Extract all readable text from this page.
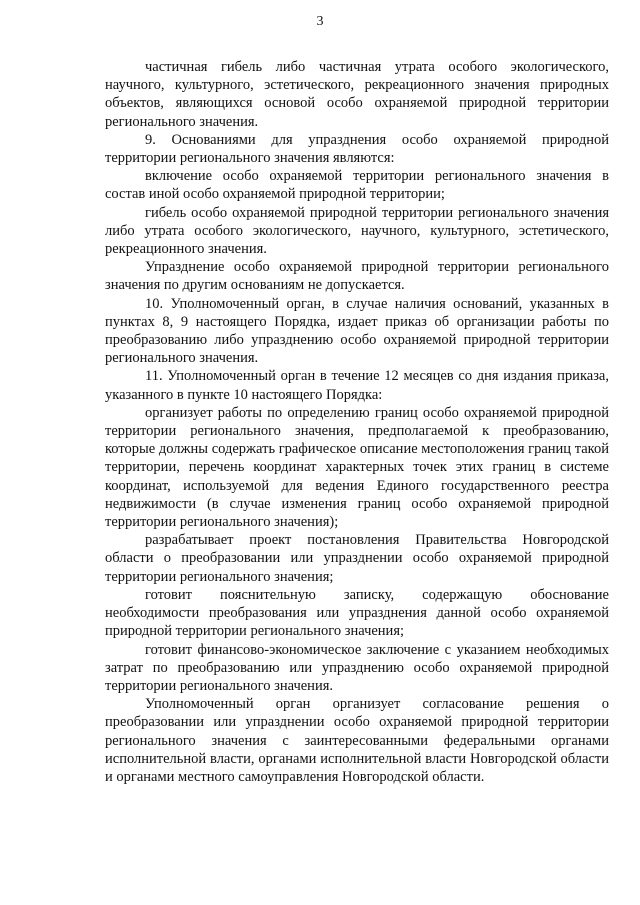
3

частичная гибель либо частичная утрата особого экологического, научного, культурного, эстетического, рекреационного значения природных объектов, являющихся основой особо охраняемой природной территории регионального значения.

9. Основаниями для упразднения особо охраняемой природной территории регионального значения являются:

включение особо охраняемой территории регионального значения в состав иной особо охраняемой природной территории;

гибель особо охраняемой природной территории регионального значения либо утрата особого экологического, научного, культурного, эстетического, рекреационного значения.

Упразднение особо охраняемой природной территории регионального значения по другим основаниям не допускается.

10. Уполномоченный орган, в случае наличия оснований, указанных в пунктах 8, 9 настоящего Порядка, издает приказ об организации работы по преобразованию либо упразднению особо охраняемой природной территории регионального значения.

11. Уполномоченный орган в течение 12 месяцев со дня издания приказа, указанного в пункте 10 настоящего Порядка:

организует работы по определению границ особо охраняемой природной территории регионального значения, предполагаемой к преобразованию, которые должны содержать графическое описание местоположения границ такой территории, перечень координат характерных точек этих границ в системе координат, используемой для ведения Единого государственного реестра недвижимости (в случае изменения границ особо охраняемой природной территории регионального значения);

разрабатывает проект постановления Правительства Новгородской области о преобразовании или упразднении особо охраняемой природной территории регионального значения;

готовит пояснительную записку, содержащую обоснование необходимости преобразования или упразднения данной особо охраняемой природной территории регионального значения;

готовит финансово-экономическое заключение с указанием необходимых затрат по преобразованию или упразднению особо охраняемой природной территории регионального значения.

Уполномоченный орган организует согласование решения о преобразовании или упразднении особо охраняемой природной территории регионального значения с заинтересованными федеральными органами исполнительной власти, органами исполнительной власти Новгородской области и органами местного самоуправления Новгородской области.
